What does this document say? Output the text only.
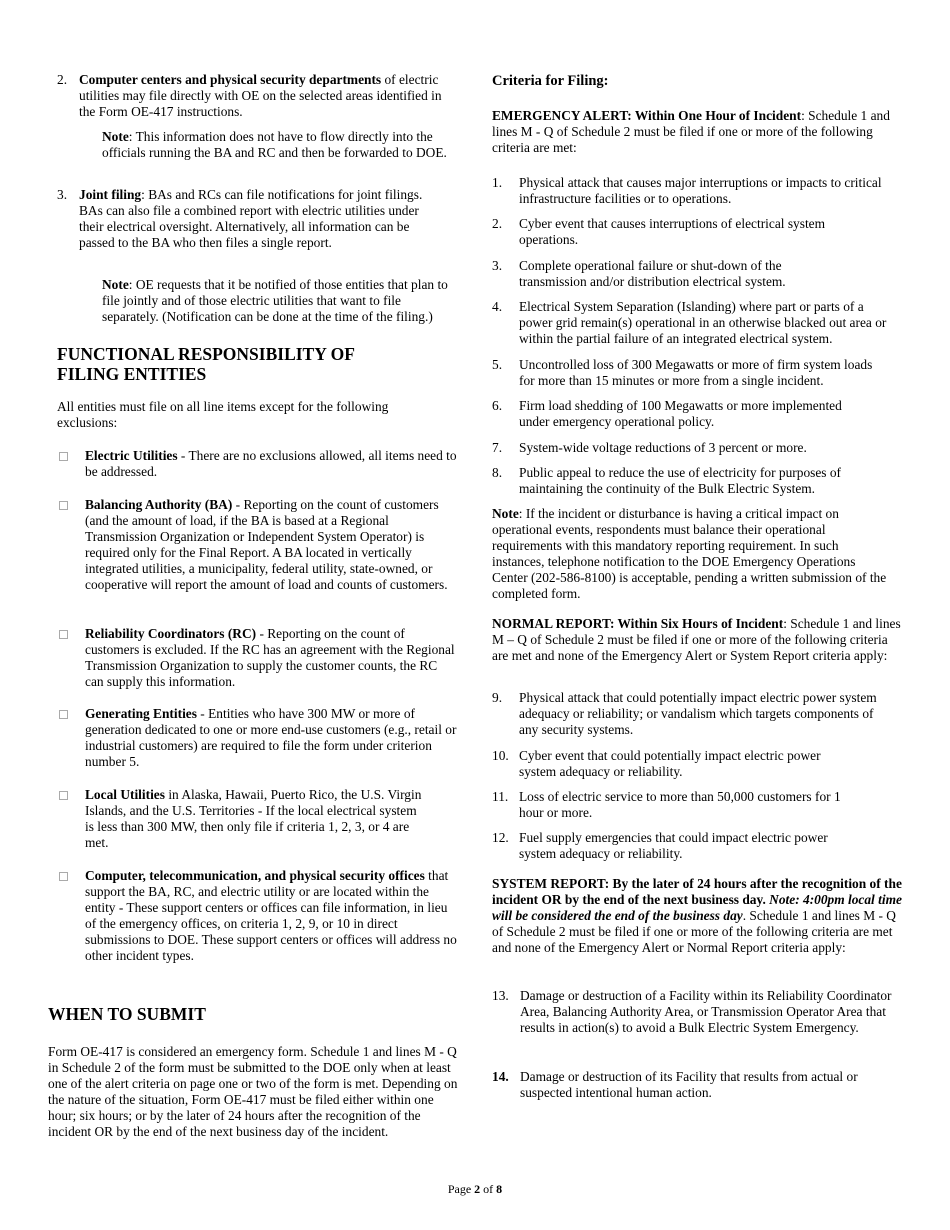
2. Computer centers and physical security departments of electric utilities may file directly with OE on the selected areas identified in the Form OE-417 instructions.

Note: This information does not have to flow directly into the officials running the BA and RC and then be forwarded to DOE.

3. Joint filing: BAs and RCs can file notifications for joint filings. BAs can also file a combined report with electric utilities under their electrical oversight. Alternatively, all information can be passed to the BA who then files a single report.

Note: OE requests that it be notified of those entities that plan to file jointly and of those electric utilities that want to file separately. (Notification can be done at the time of the filing.)

FUNCTIONAL RESPONSIBILITY OF FILING ENTITIES
All entities must file on all line items except for the following exclusions:

Electric Utilities - There are no exclusions allowed, all items need to be addressed.

Balancing Authority (BA) - Reporting on the count of customers (and the amount of load, if the BA is based at a Regional Transmission Organization or Independent System Operator) is required only for the Final Report. A BA located in vertically integrated utilities, a municipality, federal utility, state-owned, or cooperative will report the amount of load and counts of customers.

Reliability Coordinators (RC) - Reporting on the count of customers is excluded. If the RC has an agreement with the Regional Transmission Organization to supply the customer counts, the RC can supply this information.

Generating Entities - Entities who have 300 MW or more of generation dedicated to one or more end-use customers (e.g., retail or industrial customers) are required to file the form under criterion number 5.

Local Utilities in Alaska, Hawaii, Puerto Rico, the U.S. Virgin Islands, and the U.S. Territories - If the local electrical system is less than 300 MW, then only file if criteria 1, 2, 3, or 4 are met.

Computer, telecommunication, and physical security offices that support the BA, RC, and electric utility or are located within the entity - These support centers or offices can file information, in lieu of the emergency offices, on criteria 1, 2, 9, or 10 in direct submissions to DOE. These support centers or offices will address no other incident types.

WHEN TO SUBMIT
Form OE-417 is considered an emergency form. Schedule 1 and lines M - Q in Schedule 2 of the form must be submitted to the DOE only when at least one of the alert criteria on page one or two of the form is met. Depending on the nature of the situation, Form OE-417 must be filed either within one hour; six hours; or by the later of 24 hours after the recognition of the incident OR by the end of the next business day of the incident.
Criteria for Filing:

EMERGENCY ALERT: Within One Hour of Incident: Schedule 1 and lines M - Q of Schedule 2 must be filed if one or more of the following criteria are met:

1. Physical attack that causes major interruptions or impacts to critical infrastructure facilities or to operations.

2. Cyber event that causes interruptions of electrical system operations.

3. Complete operational failure or shut-down of the transmission and/or distribution electrical system.

4. Electrical System Separation (Islanding) where part or parts of a power grid remain(s) operational in an otherwise blacked out area or within the partial failure of an integrated electrical system.

5. Uncontrolled loss of 300 Megawatts or more of firm system loads for more than 15 minutes or more from a single incident.

6. Firm load shedding of 100 Megawatts or more implemented under emergency operational policy.

7. System-wide voltage reductions of 3 percent or more.

8. Public appeal to reduce the use of electricity for purposes of maintaining the continuity of the Bulk Electric System.

Note: If the incident or disturbance is having a critical impact on operational events, respondents must balance their operational requirements with this mandatory reporting requirement. In such instances, telephone notification to the DOE Emergency Operations Center (202-586-8100) is acceptable, pending a written submission of the completed form.

NORMAL REPORT: Within Six Hours of Incident: Schedule 1 and lines M – Q of Schedule 2 must be filed if one or more of the following criteria are met and none of the Emergency Alert or System Report criteria apply:

9. Physical attack that could potentially impact electric power system adequacy or reliability; or vandalism which targets components of any security systems.

10. Cyber event that could potentially impact electric power system adequacy or reliability.

11. Loss of electric service to more than 50,000 customers for 1 hour or more.

12. Fuel supply emergencies that could impact electric power system adequacy or reliability.

SYSTEM REPORT: By the later of 24 hours after the recognition of the incident OR by the end of the next business day. Note: 4:00pm local time will be considered the end of the business day. Schedule 1 and lines M - Q of Schedule 2 must be filed if one or more of the following criteria are met and none of the Emergency Alert or Normal Report criteria apply:

13. Damage or destruction of a Facility within its Reliability Coordinator Area, Balancing Authority Area, or Transmission Operator Area that results in action(s) to avoid a Bulk Electric System Emergency.

14. Damage or destruction of its Facility that results from actual or suspected intentional human action.

Page 2 of 8
